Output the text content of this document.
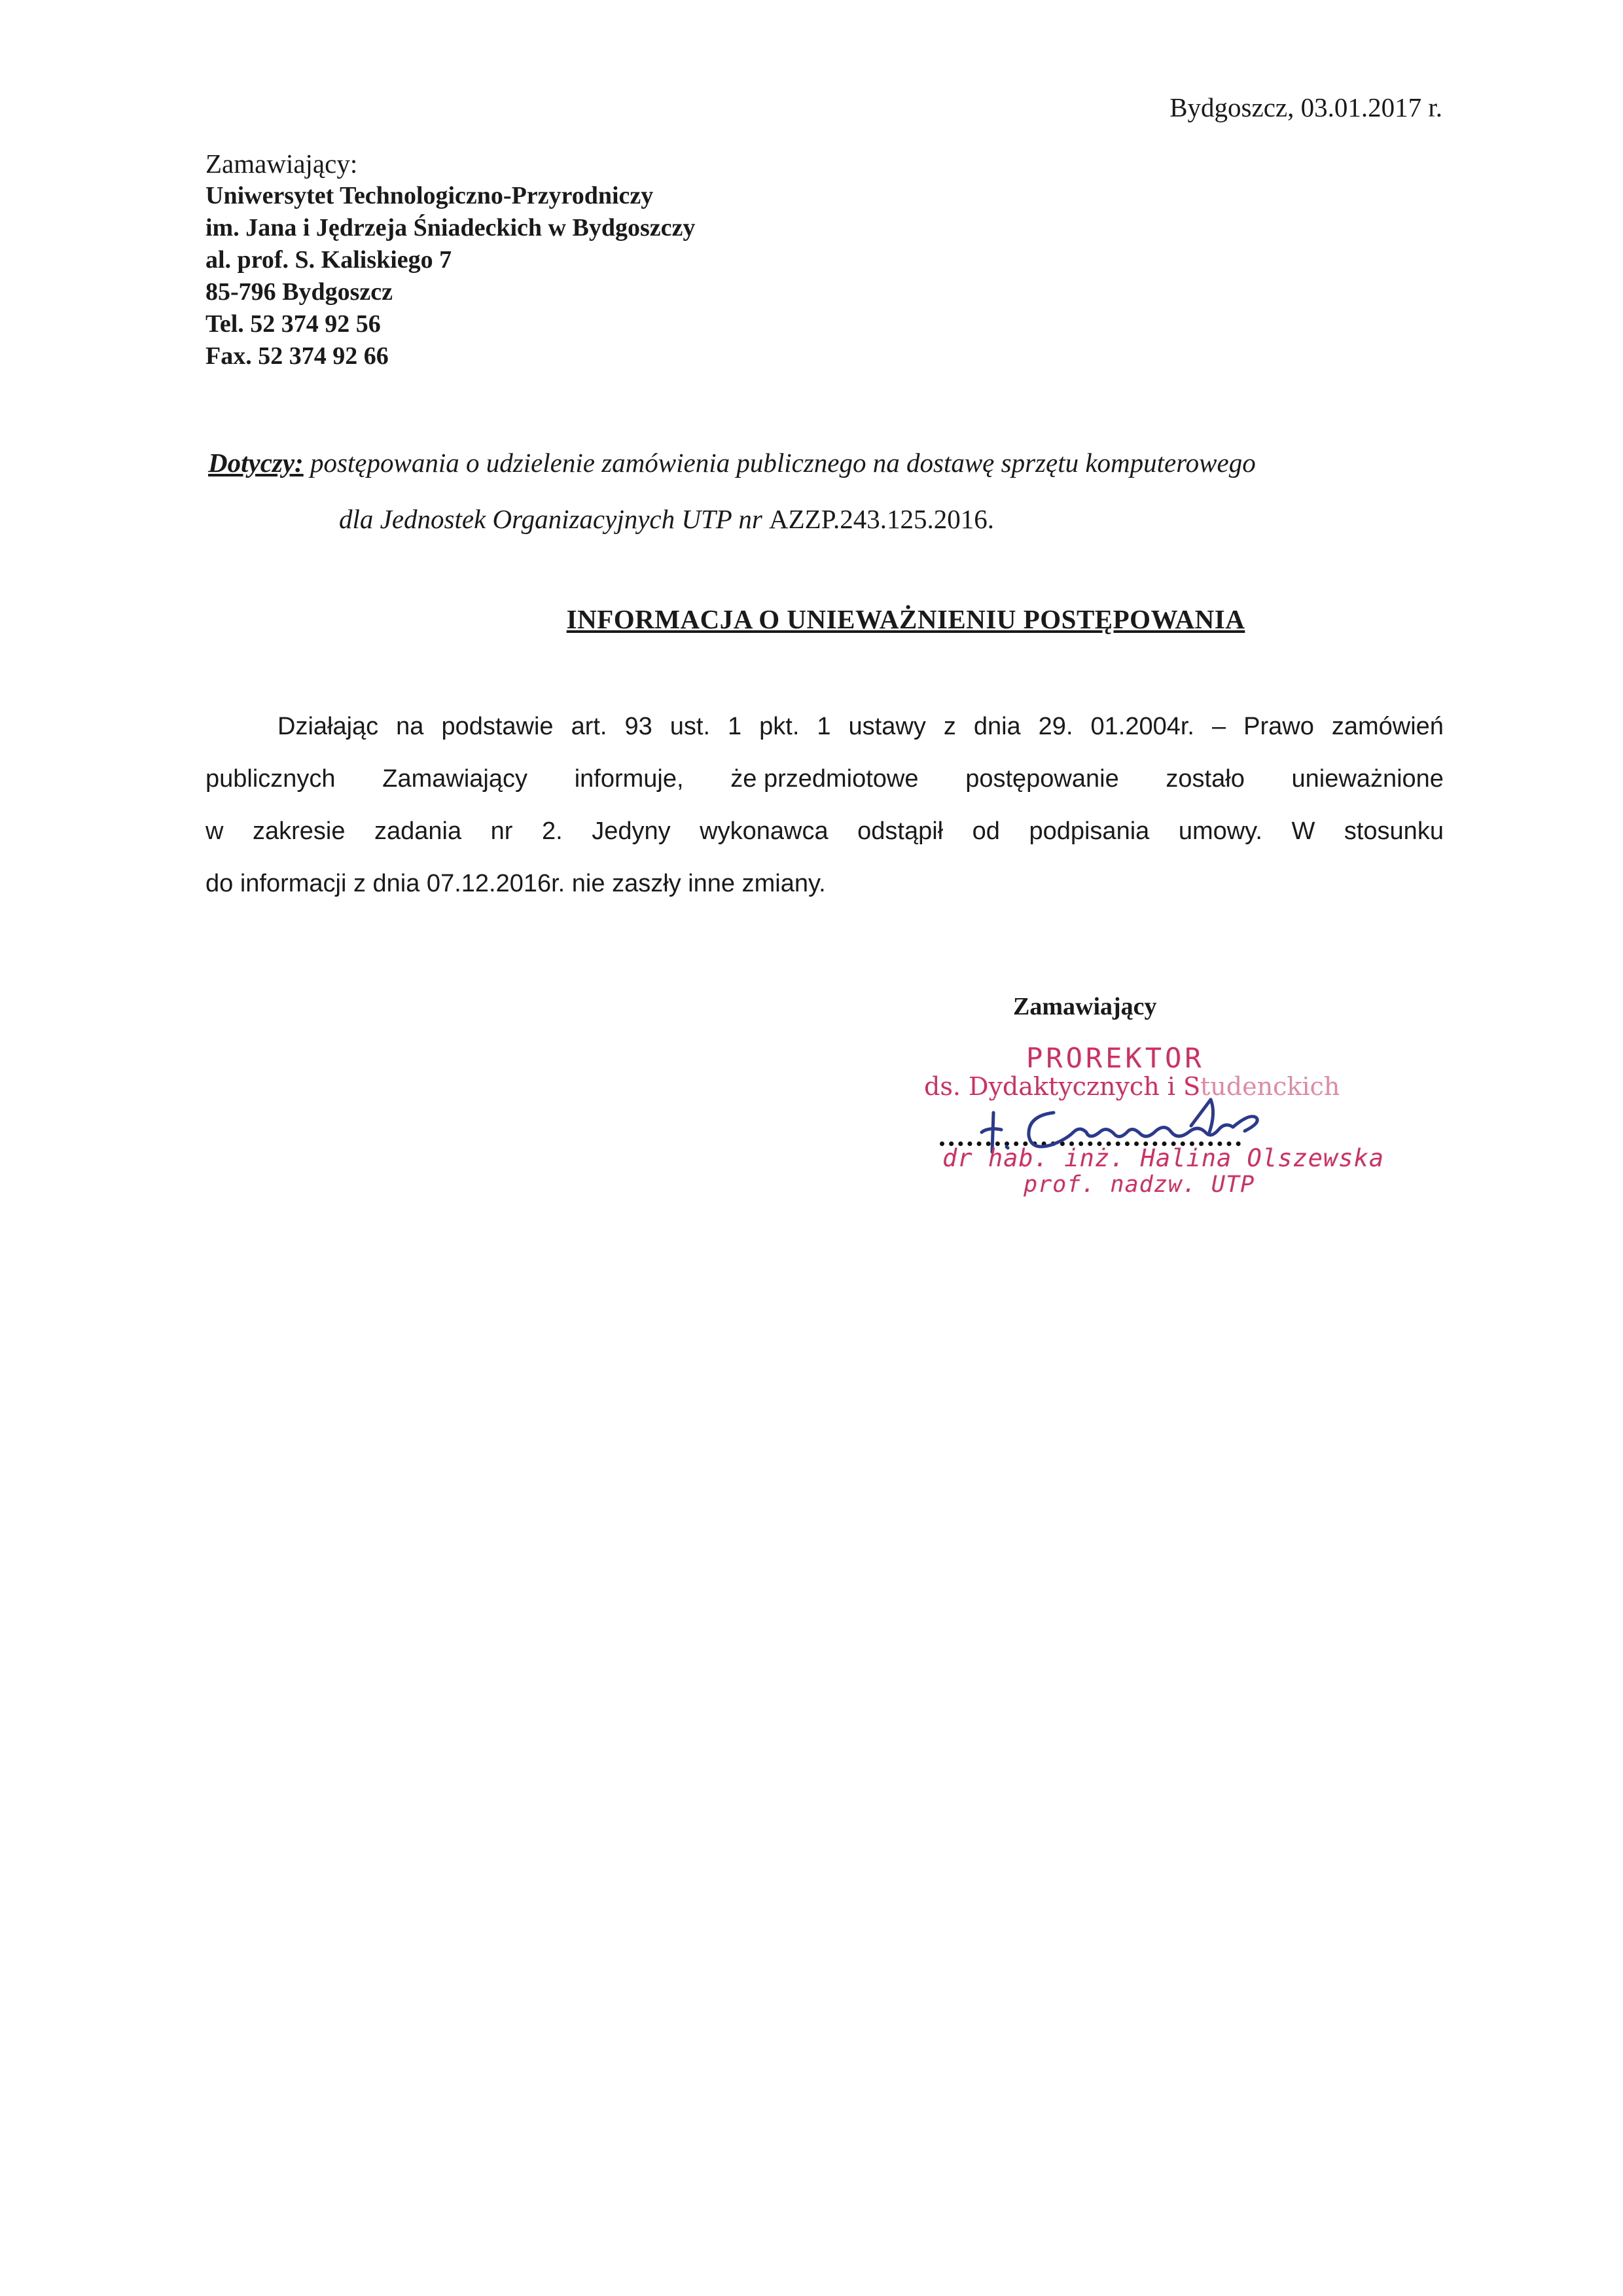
Bydgoszcz, 03.01.2017 r.
Zamawiający:
Uniwersytet Technologiczno-Przyrodniczy
im. Jana i Jędrzeja Śniadeckich w Bydgoszczy
al. prof. S. Kaliskiego 7
85-796 Bydgoszcz
Tel. 52 374 92 56
Fax. 52 374 92 66
Dotyczy: postępowania o udzielenie zamówienia publicznego na dostawę sprzętu komputerowego
dla Jednostek Organizacyjnych UTP nr AZZP.243.125.2016.
INFORMACJA O UNIEWAŻNIENIU POSTĘPOWANIA
Działając na podstawie art. 93 ust. 1 pkt. 1 ustawy z dnia 29. 01.2004r. – Prawo zamówień
publicznych Zamawiający informuje, że przedmiotowe postępowanie zostało unieważnione
w zakresie zadania nr 2. Jedyny wykonawca odstąpił od podpisania umowy. W stosunku
do informacji z dnia 07.12.2016r. nie zaszły inne zmiany.
Zamawiający
PROREKTOR
ds. Dydaktycznych i Studenckich
dr hab. inż. Halina Olszewska
prof. nadzw. UTP
